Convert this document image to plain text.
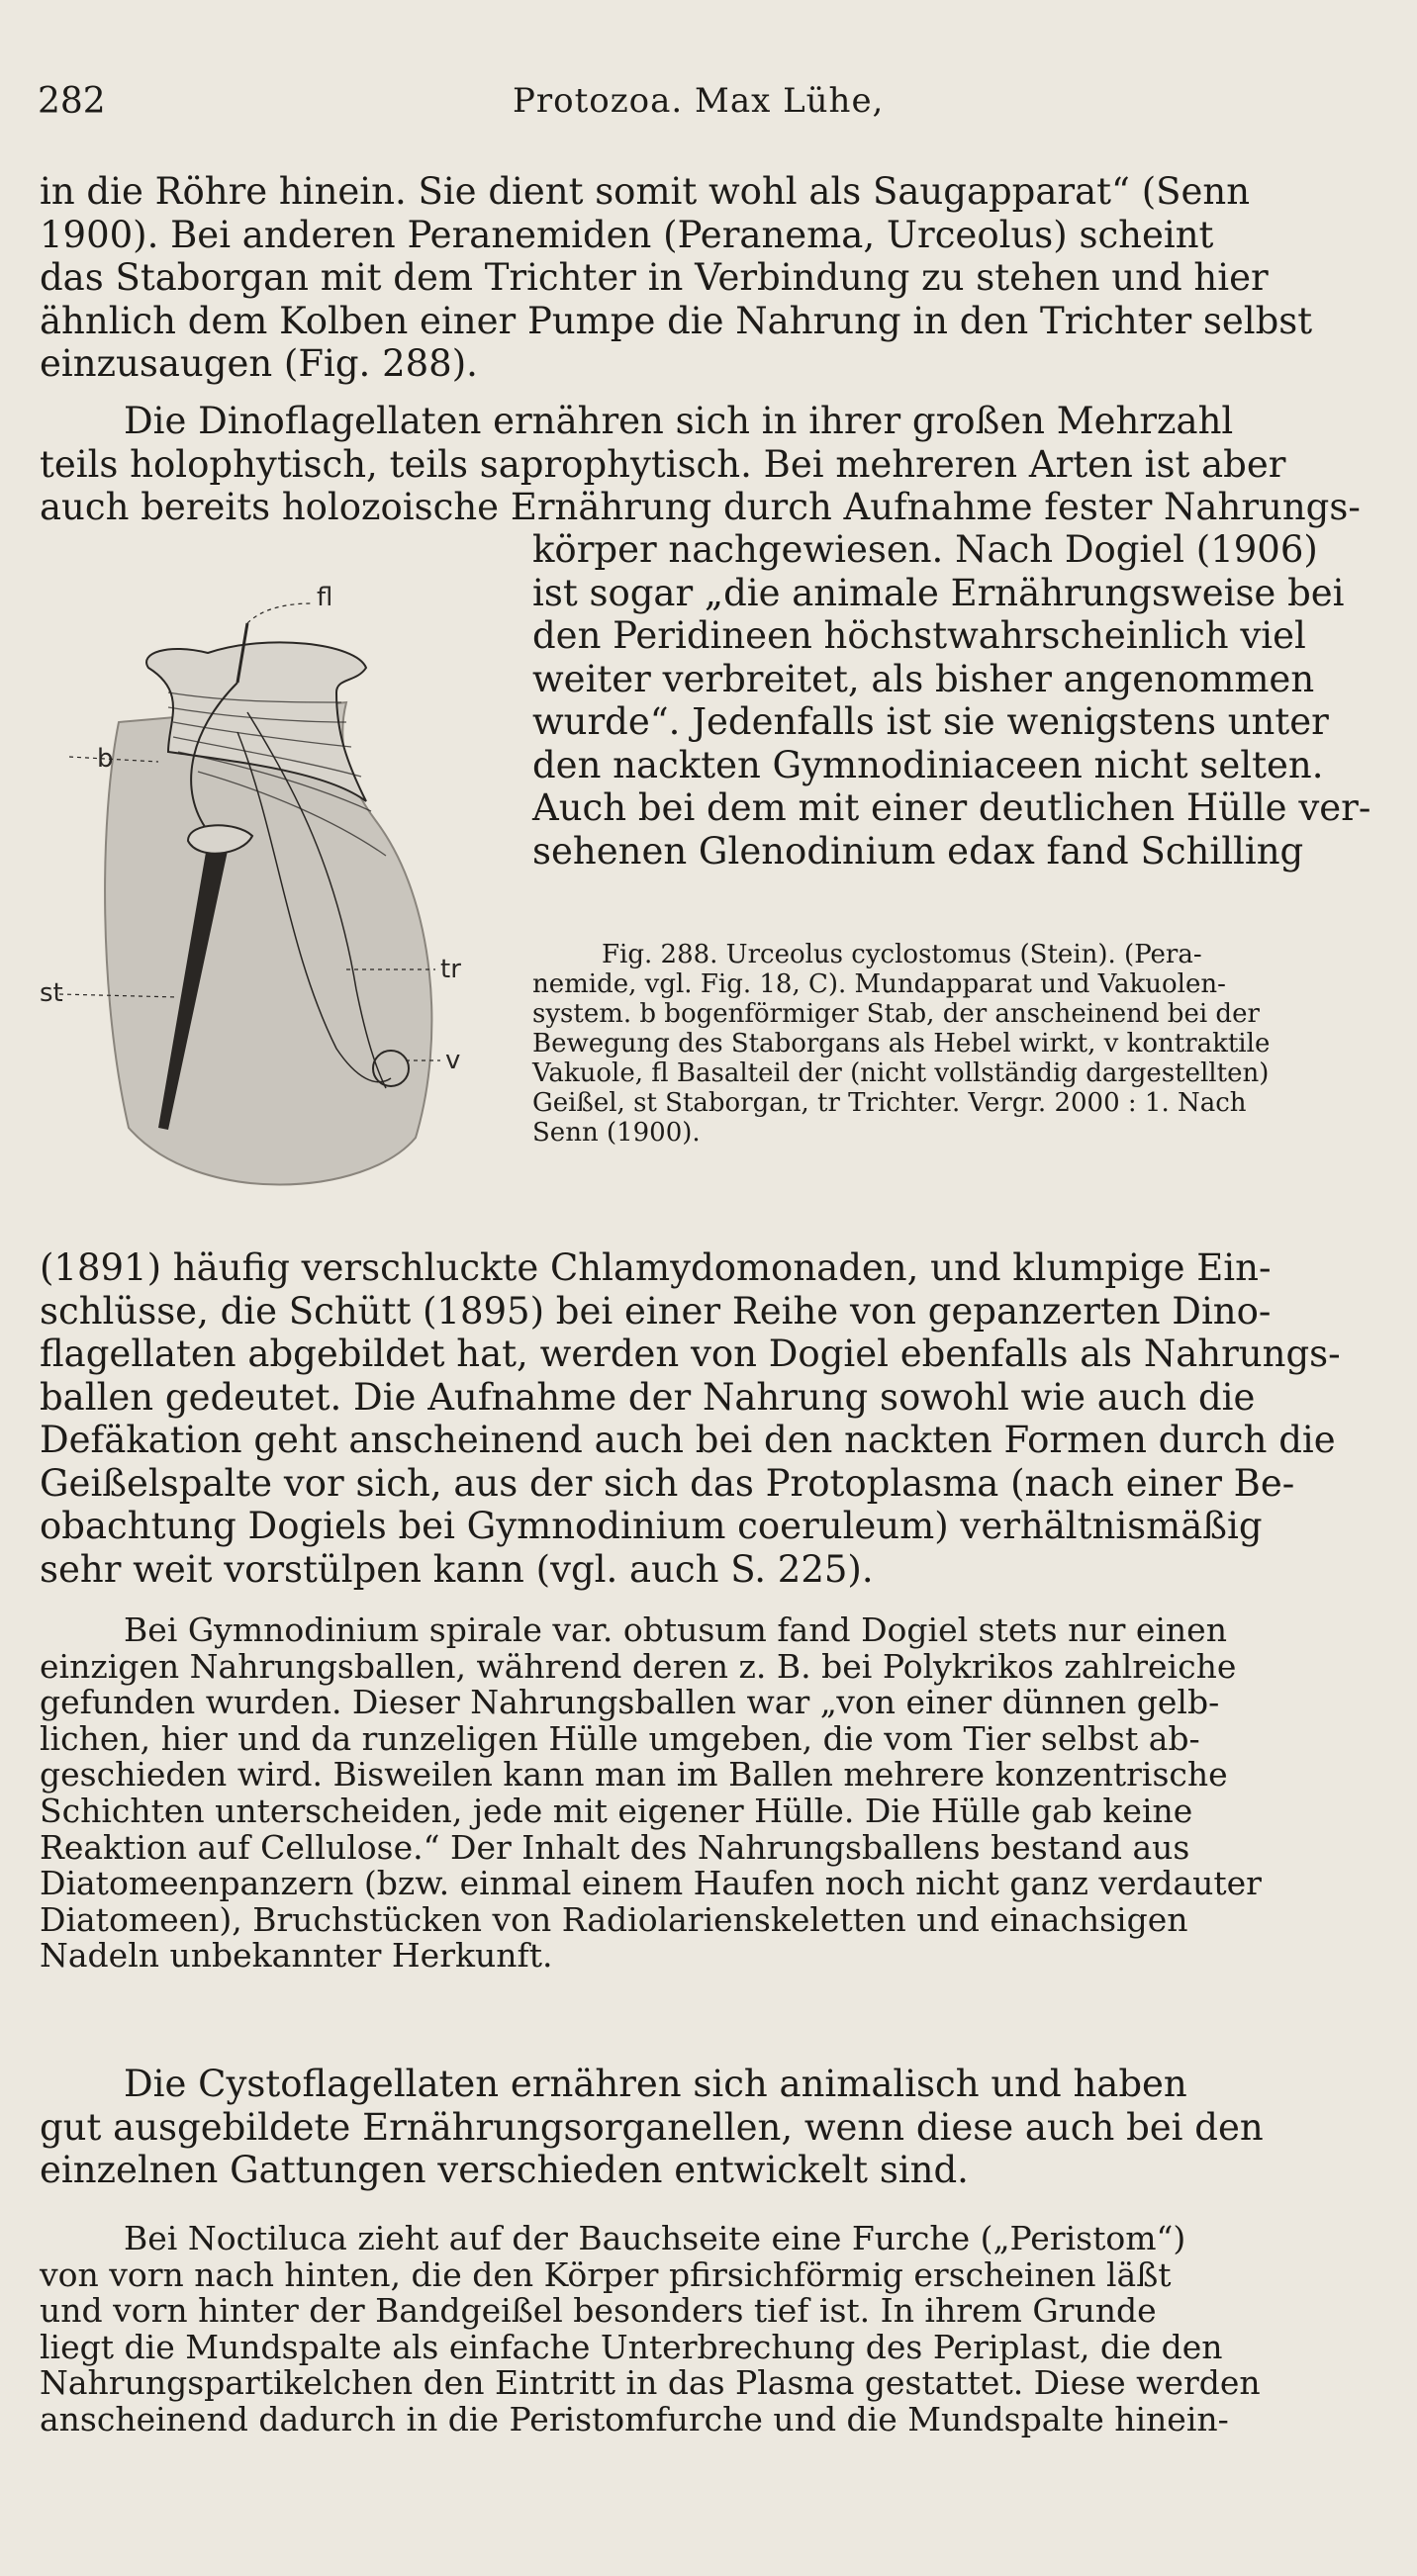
282	Protozoa. Max Lühe,
in die Röhre hinein. Sie dient somit wohl als Saugapparat“ (Senn
1900). Bei anderen Peranemiden (Peranema, Urceolus) scheint
das Staborgan mit dem Trichter in Verbindung zu stehen und hier
ähnlich dem Kolben einer Pumpe die Nahrung in den Trichter selbst
einzusaugen (Fig. 288).
Die Dinoflagellaten ernähren sich in ihrer großen Mehrzahl
teils holophytisch, teils saprophytisch. Bei mehreren Arten ist aber
auch bereits holozoische Ernährung durch Aufnahme fester Nahrungs-
körper nachgewiesen. Nach Dogiel (1906)
ist sogar „die animale Ernährungsweise bei
den Peridineen höchstwahrscheinlich viel
weiter verbreitet, als bisher angenommen
wurde“. Jedenfalls ist sie wenigstens unter
den nackten Gymnodiniaceen nicht selten.
Auch bei dem mit einer deutlichen Hülle ver-
sehenen Glenodinium edax fand Schilling
fl
b
tr
st
v
Fig. 288. Urceolus cyclostomus (Stein). (Pera-
nemide, vgl. Fig. 18, C). Mundapparat und Vakuolen-
system. b bogenförmiger Stab, der anscheinend bei der
Bewegung des Staborgans als Hebel wirkt, v kontraktile
Vakuole, fl Basalteil der (nicht vollständig dargestellten)
Geißel, st Staborgan, tr Trichter. Vergr. 2000 : 1. Nach
Senn (1900).
(1891) häufig verschluckte Chlamydomonaden, und klumpige Ein-
schlüsse, die Schütt (1895) bei einer Reihe von gepanzerten Dino-
flagellaten abgebildet hat, werden von Dogiel ebenfalls als Nahrungs-
ballen gedeutet. Die Aufnahme der Nahrung sowohl wie auch die
Defäkation geht anscheinend auch bei den nackten Formen durch die
Geißelspalte vor sich, aus der sich das Protoplasma (nach einer Be-
obachtung Dogiels bei Gymnodinium coeruleum) verhältnismäßig
sehr weit vorstülpen kann (vgl. auch S. 225).
Bei Gymnodinium spirale var. obtusum fand Dogiel stets nur einen
einzigen Nahrungsballen, während deren z. B. bei Polykrikos zahlreiche
gefunden wurden. Dieser Nahrungsballen war „von einer dünnen gelb-
lichen, hier und da runzeligen Hülle umgeben, die vom Tier selbst ab-
geschieden wird. Bisweilen kann man im Ballen mehrere konzentrische
Schichten unterscheiden, jede mit eigener Hülle. Die Hülle gab keine
Reaktion auf Cellulose.“ Der Inhalt des Nahrungsballens bestand aus
Diatomeenpanzern (bzw. einmal einem Haufen noch nicht ganz verdauter
Diatomeen), Bruchstücken von Radiolarienskeletten und einachsigen
Nadeln unbekannter Herkunft.
Die Cystoflagellaten ernähren sich animalisch und haben
gut ausgebildete Ernährungsorganellen, wenn diese auch bei den
einzelnen Gattungen verschieden entwickelt sind.
Bei Noctiluca zieht auf der Bauchseite eine Furche („Peristom“)
von vorn nach hinten, die den Körper pfirsichförmig erscheinen läßt
und vorn hinter der Bandgeißel besonders tief ist. In ihrem Grunde
liegt die Mundspalte als einfache Unterbrechung des Periplast, die den
Nahrungspartikelchen den Eintritt in das Plasma gestattet. Diese werden
anscheinend dadurch in die Peristomfurche und die Mundspalte hinein-
